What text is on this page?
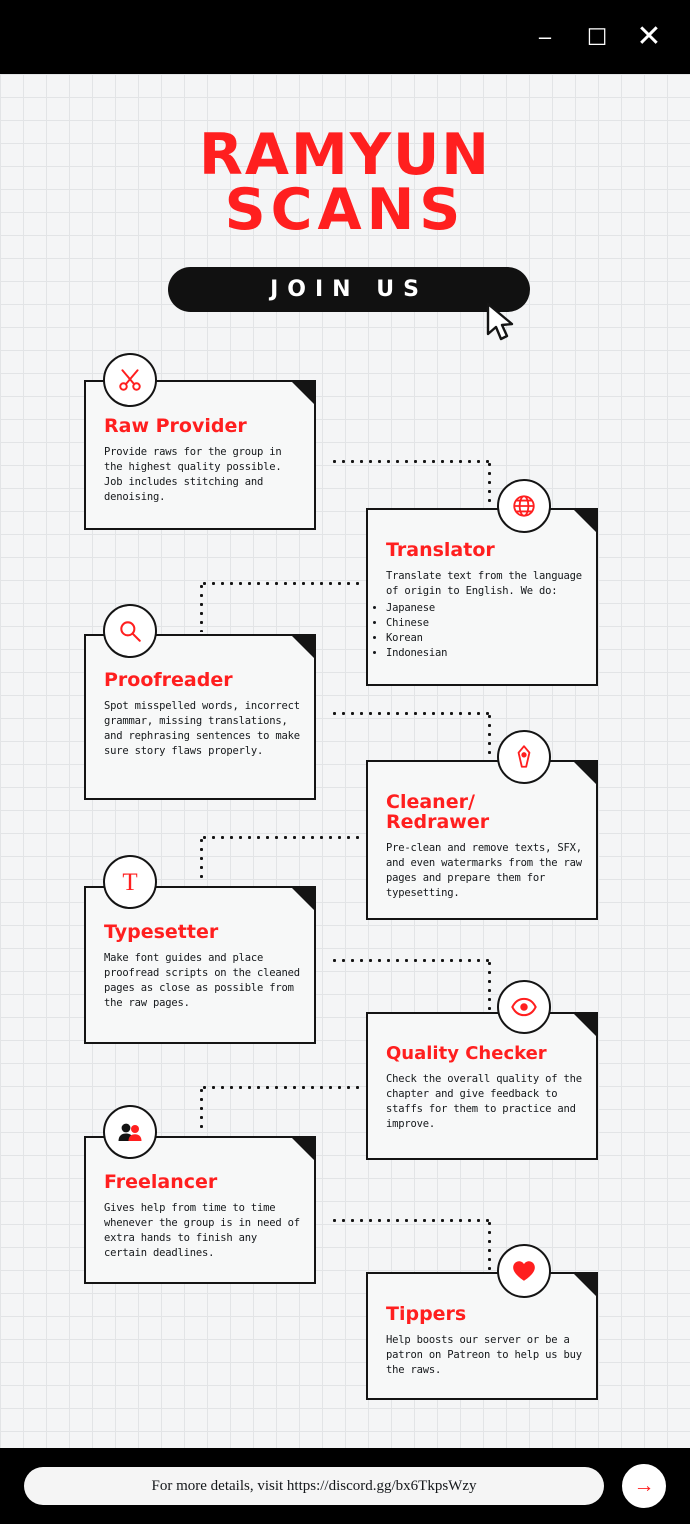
–	☐ ✕
RAMYUN
SCANS
JOIN US
Raw Provider
Provide raws for the group in the highest quality possible. Job includes stitching and denoising.
Translator
Translate text from the language of origin to English. We do:
• Japanese
• Chinese
• Korean
• Indonesian
Proofreader
Spot misspelled words, incorrect grammar, missing translations, and rephrasing sentences to make sure story flaws properly.
Cleaner/ Redrawer
Pre-clean and remove texts, SFX, and even watermarks from the raw pages and prepare them for typesetting.
Typesetter
Make font guides and place proofread scripts on the cleaned pages as close as possible from the raw pages.
T
Quality Checker
Check the overall quality of the chapter and give feedback to staffs for them to practice and improve.
Freelancer
Gives help from time to time whenever the group is in need of extra hands to finish any certain deadlines.
Tippers
Help boosts our server or be a patron on Patreon to help us buy the raws.
For more details, visit https://discord.gg/bx6TkpsWzy	→
